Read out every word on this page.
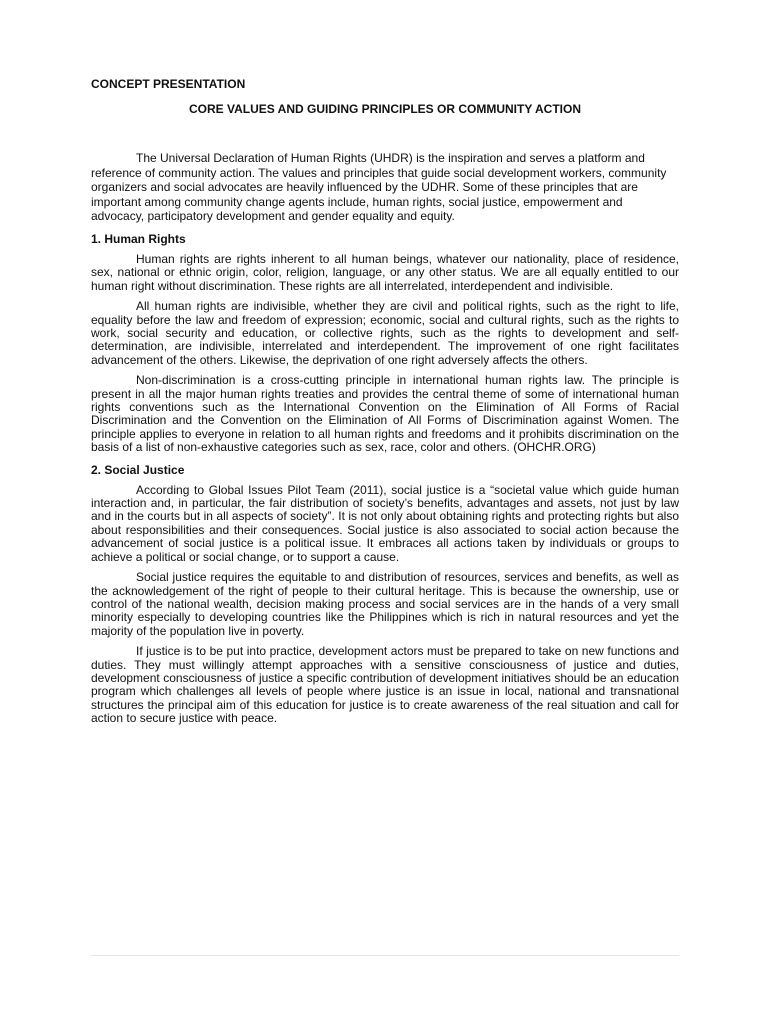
CONCEPT PRESENTATION

CORE VALUES AND GUIDING PRINCIPLES OR COMMUNITY ACTION

The Universal Declaration of Human Rights (UHDR) is the inspiration and serves a platform and reference of community action. The values and principles that guide social development workers, community organizers and social advocates are heavily influenced by the UDHR. Some of these principles that are important among community change agents include, human rights, social justice, empowerment and advocacy, participatory development and gender equality and equity.

1. Human Rights

Human rights are rights inherent to all human beings, whatever our nationality, place of residence, sex, national or ethnic origin, color, religion, language, or any other status. We are all equally entitled to our human right without discrimination. These rights are all interrelated, interdependent and indivisible.

All human rights are indivisible, whether they are civil and political rights, such as the right to life, equality before the law and freedom of expression; economic, social and cultural rights, such as the rights to work, social security and education, or collective rights, such as the rights to development and self-determination, are indivisible, interrelated and interdependent. The improvement of one right facilitates advancement of the others. Likewise, the deprivation of one right adversely affects the others.

Non-discrimination is a cross-cutting principle in international human rights law. The principle is present in all the major human rights treaties and provides the central theme of some of international human rights conventions such as the International Convention on the Elimination of All Forms of Racial Discrimination and the Convention on the Elimination of All Forms of Discrimination against Women. The principle applies to everyone in relation to all human rights and freedoms and it prohibits discrimination on the basis of a list of non-exhaustive categories such as sex, race, color and others. (OHCHR.ORG)

2. Social Justice

According to Global Issues Pilot Team (2011), social justice is a “societal value which guide human interaction and, in particular, the fair distribution of society’s benefits, advantages and assets, not just by law and in the courts but in all aspects of society”. It is not only about obtaining rights and protecting rights but also about responsibilities and their consequences. Social justice is also associated to social action because the advancement of social justice is a political issue. It embraces all actions taken by individuals or groups to achieve a political or social change, or to support a cause.

Social justice requires the equitable to and distribution of resources, services and benefits, as well as the acknowledgement of the right of people to their cultural heritage. This is because the ownership, use or control of the national wealth, decision making process and social services are in the hands of a very small minority especially to developing countries like the Philippines which is rich in natural resources and yet the majority of the population live in poverty.

If justice is to be put into practice, development actors must be prepared to take on new functions and duties. They must willingly attempt approaches with a sensitive consciousness of justice and duties, development consciousness of justice a specific contribution of development initiatives should be an education program which challenges all levels of people where justice is an issue in local, national and transnational structures the principal aim of this education for justice is to create awareness of the real situation and call for action to secure justice with peace.
